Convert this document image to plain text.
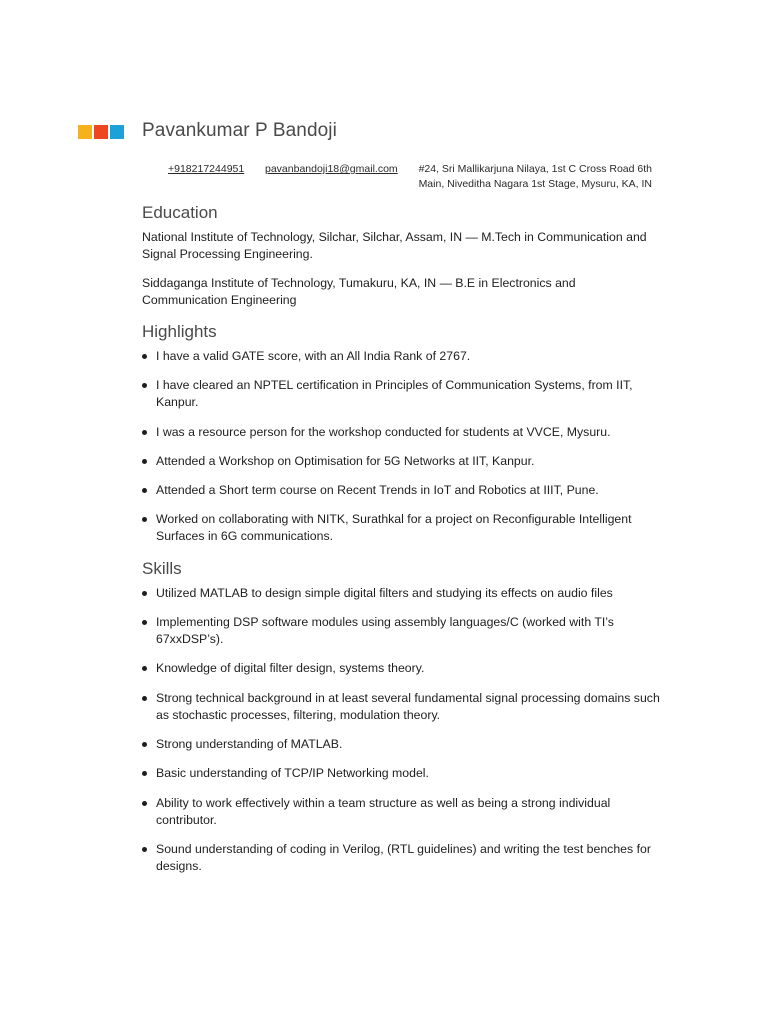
Pavankumar P Bandoji
+918217244951 pavanbandoji18@gmail.com	#24, Sri Mallikarjuna Nilaya, 1st C Cross Road 6th
Main, Niveditha Nagara 1st Stage, Mysuru, KA, IN
Education

National Institute of Technology, Silchar, Silchar, Assam, IN — M.Tech in Communication and Signal Processing Engineering.

Siddaganga Institute of Technology, Tumakuru, KA, IN — B.E in Electronics and Communication Engineering

Highlights
I have a valid GATE score, with an All India Rank of 2767.
I have cleared an NPTEL certification in Principles of Communication Systems, from IIT, Kanpur.
I was a resource person for the workshop conducted for students at VVCE, Mysuru.
Attended a Workshop on Optimisation for 5G Networks at IIT, Kanpur.
Attended a Short term course on Recent Trends in IoT and Robotics at IIIT, Pune.
Worked on collaborating with NITK, Surathkal for a project on Reconfigurable Intelligent Surfaces in 6G communications.
Skills
Utilized MATLAB to design simple digital filters and studying its effects on audio files
Implementing DSP software modules using assembly languages/C (worked with TI’s 67xxDSP’s).
Knowledge of digital filter design, systems theory.
Strong technical background in at least several fundamental signal processing domains such as stochastic processes, filtering, modulation theory.
Strong understanding of MATLAB.
Basic understanding of TCP/IP Networking model.
Ability to work effectively within a team structure as well as being a strong individual contributor.
Sound understanding of coding in Verilog, (RTL guidelines) and writing the test benches for designs.
